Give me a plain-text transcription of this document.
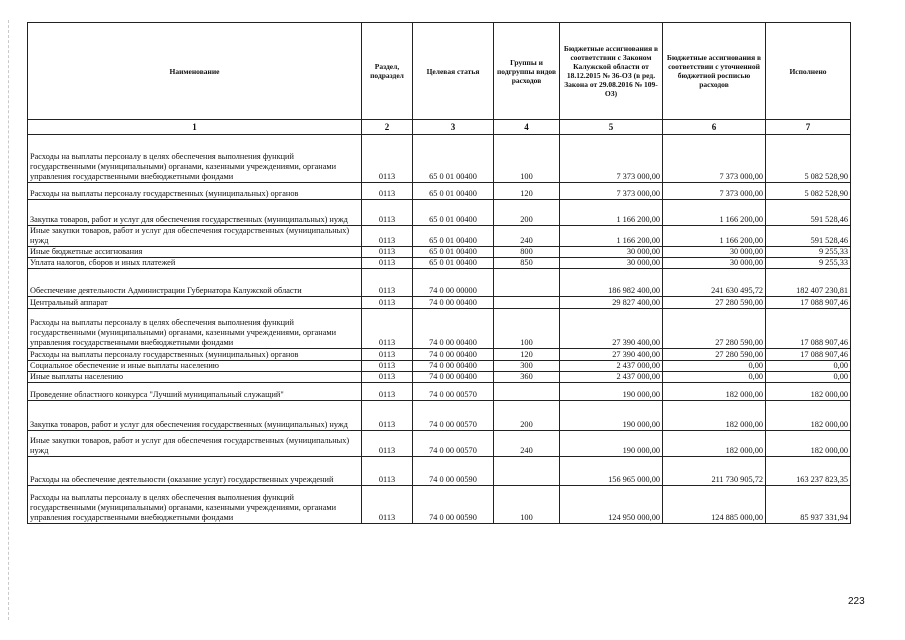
Наименование	Раздел, подраздел	Целевая статья	Группы и подгруппы видов расходов	Бюджетные ассигнования в соответствии с Законом Калужской области от 18.12.2015 № 36-ОЗ (в ред. Закона от 29.08.2016 № 109-ОЗ)	Бюджетные ассигнования в соответствии с уточненной бюджетной росписью расходов	Исполнено
1	2	3	4	5	6	7
Расходы на выплаты персоналу в целях обеспечения выполнения функций государственными (муниципальными) органами, казенными учреждениями, органами управления государственными внебюджетными фондами	0113	65 0 01 00400	100	7 373 000,00	7 373 000,00	5 082 528,90
Расходы на выплаты персоналу государственных (муниципальных) органов	0113	65 0 01 00400	120	7 373 000,00	7 373 000,00	5 082 528,90
Закупка товаров, работ и услуг для обеспечения государственных (муниципальных) нужд	0113	65 0 01 00400	200	1 166 200,00	1 166 200,00	591 528,46
Иные закупки товаров, работ и услуг для обеспечения государственных (муниципальных) нужд	0113	65 0 01 00400	240	1 166 200,00	1 166 200,00	591 528,46
Иные бюджетные ассигнования	0113	65 0 01 00400	800	30 000,00	30 000,00	9 255,33
Уплата налогов, сборов и иных платежей	0113	65 0 01 00400	850	30 000,00	30 000,00	9 255,33
Обеспечение деятельности Администрации Губернатора Калужской области	0113	74 0 00 00000		186 982 400,00	241 630 495,72	182 407 230,81
Центральный аппарат	0113	74 0 00 00400		29 827 400,00	27 280 590,00	17 088 907,46
Расходы на выплаты персоналу в целях обеспечения выполнения функций государственными (муниципальными) органами, казенными учреждениями, органами управления государственными внебюджетными фондами	0113	74 0 00 00400	100	27 390 400,00	27 280 590,00	17 088 907,46
Расходы на выплаты персоналу государственных (муниципальных) органов	0113	74 0 00 00400	120	27 390 400,00	27 280 590,00	17 088 907,46
Социальное обеспечение и иные выплаты населению	0113	74 0 00 00400	300	2 437 000,00	0,00	0,00
Иные выплаты населению	0113	74 0 00 00400	360	2 437 000,00	0,00	0,00
Проведение областного конкурса "Лучший муниципальный служащий"	0113	74 0 00 00570		190 000,00	182 000,00	182 000,00
Закупка товаров, работ и услуг для обеспечения государственных (муниципальных) нужд	0113	74 0 00 00570	200	190 000,00	182 000,00	182 000,00
Иные закупки товаров, работ и услуг для обеспечения государственных (муниципальных) нужд	0113	74 0 00 00570	240	190 000,00	182 000,00	182 000,00
Расходы на обеспечение деятельности (оказание услуг) государственных учреждений	0113	74 0 00 00590		156 965 000,00	211 730 905,72	163 237 823,35
Расходы на выплаты персоналу в целях обеспечения выполнения функций государственными (муниципальными) органами, казенными учреждениями, органами управления государственными внебюджетными фондами	0113	74 0 00 00590	100	124 950 000,00	124 885 000,00	85 937 331,94
223
